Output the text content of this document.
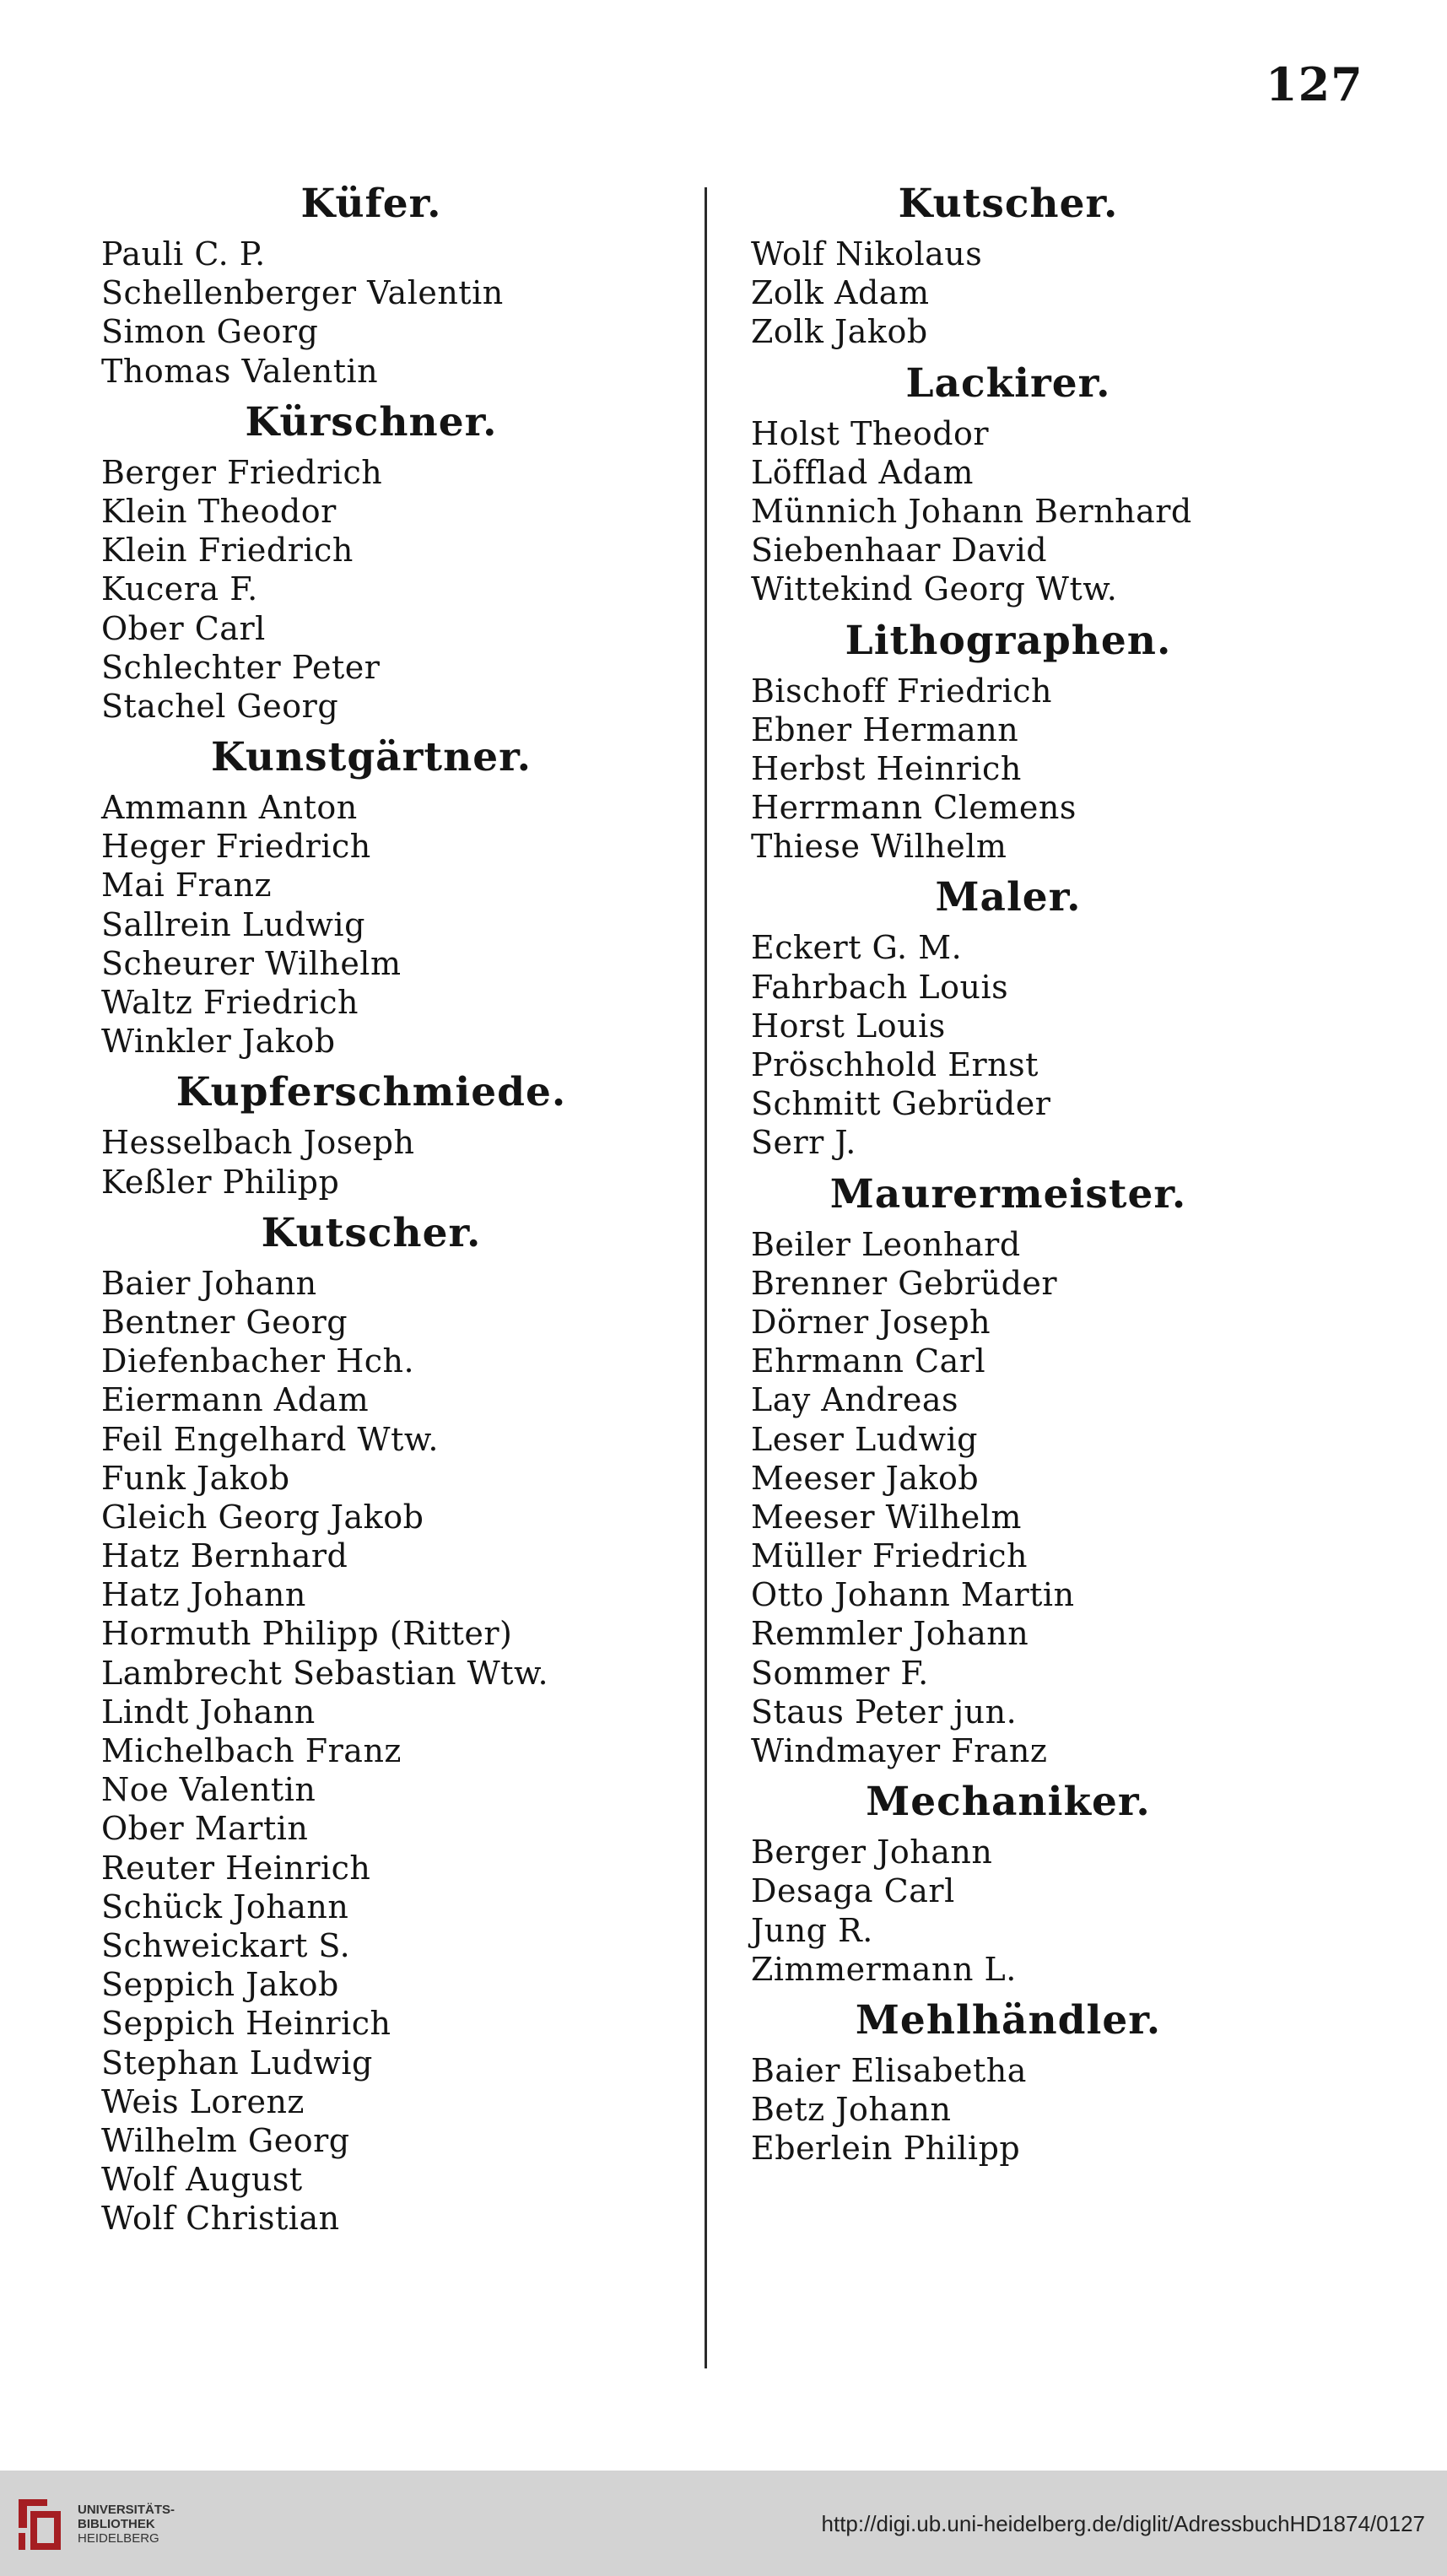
127
Küfer.
Pauli C. P.
Schellenberger Valentin
Simon Georg
Thomas Valentin
Kürschner.
Berger Friedrich
Klein Theodor
Klein Friedrich
Kucera F.
Ober Carl
Schlechter Peter
Stachel Georg
Kunstgärtner.
Ammann Anton
Heger Friedrich
Mai Franz
Sallrein Ludwig
Scheurer Wilhelm
Waltz Friedrich
Winkler Jakob
Kupferschmiede.
Hesselbach Joseph
Keßler Philipp
Kutscher.
Baier Johann
Bentner Georg
Diefenbacher Hch.
Eiermann Adam
Feil Engelhard Wtw.
Funk Jakob
Gleich Georg Jakob
Hatz Bernhard
Hatz Johann
Hormuth Philipp (Ritter)
Lambrecht Sebastian Wtw.
Lindt Johann
Michelbach Franz
Noe Valentin
Ober Martin
Reuter Heinrich
Schück Johann
Schweickart S.
Seppich Jakob
Seppich Heinrich
Stephan Ludwig
Weis Lorenz
Wilhelm Georg
Wolf August
Wolf Christian
Kutscher.
Wolf Nikolaus
Zolk Adam
Zolk Jakob
Lackirer.
Holst Theodor
Löfflad Adam
Münnich Johann Bernhard
Siebenhaar David
Wittekind Georg Wtw.
Lithographen.
Bischoff Friedrich
Ebner Hermann
Herbst Heinrich
Herrmann Clemens
Thiese Wilhelm
Maler.
Eckert G. M.
Fahrbach Louis
Horst Louis
Pröschhold Ernst
Schmitt Gebrüder
Serr J.
Maurermeister.
Beiler Leonhard
Brenner Gebrüder
Dörner Joseph
Ehrmann Carl
Lay Andreas
Leser Ludwig
Meeser Jakob
Meeser Wilhelm
Müller Friedrich
Otto Johann Martin
Remmler Johann
Sommer F.
Staus Peter jun.
Windmayer Franz
Mechaniker.
Berger Johann
Desaga Carl
Jung R.
Zimmermann L.
Mehlhändler.
Baier Elisabetha
Betz Johann
Eberlein Philipp
UNIVERSITÄTS-
BIBLIOTHEK
HEIDELBERG
http://digi.ub.uni-heidelberg.de/diglit/AdressbuchHD1874/0127
